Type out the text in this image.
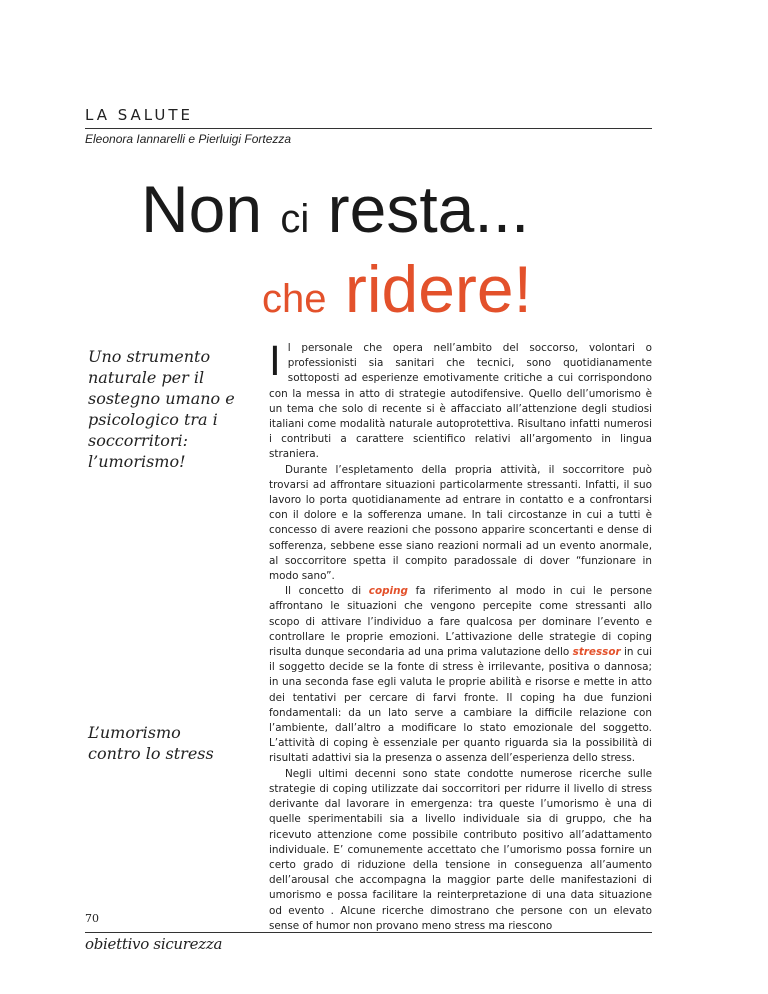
LA SALUTE
Eleonora Iannarelli e Pierluigi Fortezza
Non ci resta...
che ridere!
Uno strumento naturale per il sostegno umano e psicologico tra i soccorritori: l’umorismo!
L’umorismo contro lo stress

Il personale che opera nell’ambito del soccorso, volontari o professionisti sia sanitari che tecnici, sono quotidianamente sottoposti ad esperienze emotivamente critiche a cui corrispondono con la messa in atto di strategie autodifensive. Quello dell’umorismo è un tema che solo di recente si è affacciato all’attenzione degli studiosi italiani come modalità naturale autoprotettiva. Risultano infatti numerosi i contributi a carattere scientifico relativi all’argomento in lingua straniera.

Durante l’espletamento della propria attività, il soccorritore può trovarsi ad affrontare situazioni particolarmente stressanti. Infatti, il suo lavoro lo porta quotidianamente ad entrare in contatto e a confrontarsi con il dolore e la sofferenza umane. In tali circostanze in cui a tutti è concesso di avere reazioni che possono apparire sconcertanti e dense di sofferenza, sebbene esse siano reazioni normali ad un evento anormale, al soccorritore spetta il compito paradossale di dover “funzionare in modo sano”.

Il concetto di coping fa riferimento al modo in cui le persone affrontano le situazioni che vengono percepite come stressanti allo scopo di attivare l’individuo a fare qualcosa per dominare l’evento e controllare le proprie emozioni. L’attivazione delle strategie di coping risulta dunque secondaria ad una prima valutazione dello stressor in cui il soggetto decide se la fonte di stress è irrilevante, positiva o dannosa; in una seconda fase egli valuta le proprie abilità e risorse e mette in atto dei tentativi per cercare di farvi fronte. Il coping ha due funzioni fondamentali: da un lato serve a cambiare la difficile relazione con l’ambiente, dall’altro a modificare lo stato emozionale del soggetto. L’attività di coping è essenziale per quanto riguarda sia la possibilità di risultati adattivi sia la presenza o assenza dell’esperienza dello stress.

Negli ultimi decenni sono state condotte numerose ricerche sulle strategie di coping utilizzate dai soccorritori per ridurre il livello di stress derivante dal lavorare in emergenza: tra queste l’umorismo è una di quelle sperimentabili sia a livello individuale sia di gruppo, che ha ricevuto attenzione come possibile contributo positivo all’adattamento individuale. E’ comunemente accettato che l’umorismo possa fornire un certo grado di riduzione della tensione in conseguenza all’aumento dell’arousal che accompagna la maggior parte delle manifestazioni di umorismo e possa facilitare la reinterpretazione di una data situazione od evento . Alcune ricerche dimostrano che persone con un elevato sense of humor non provano meno stress ma riescono

70
obiettivo sicurezza
